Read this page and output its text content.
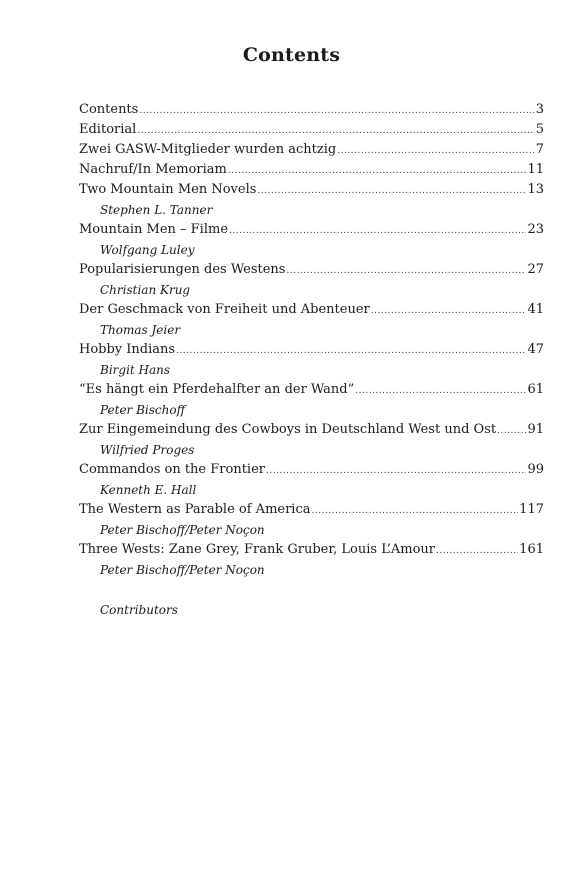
Contents
Contents .....	3
Editorial .....	5
Zwei GASW-Mitglieder wurden achtzig .....	7
Nachruf/In Memoriam .....	11
Two Mountain Men Novels .....	13
Stephen L. Tanner
Mountain Men – Filme .....	23
Wolfgang Luley
Popularisierungen des Westens .....	27
Christian Krug
Der Geschmack von Freiheit und Abenteuer .....	41
Thomas Jeier
Hobby Indians .....	47
Birgit Hans
“Es hängt ein Pferdehalfter an der Wand” .....	61
Peter Bischoff
Zur Eingemeindung des Cowboys in Deutschland West und Ost ..... 91
Wilfried Proges
Commandos on the Frontier .....	99
Kenneth E. Hall
The Western as Parable of America .....	117
Peter Bischoff/Peter Noçon
Three Wests: Zane Grey, Frank Gruber, Louis L’Amour .....	161
Peter Bischoff/Peter Noçon
Contributors
